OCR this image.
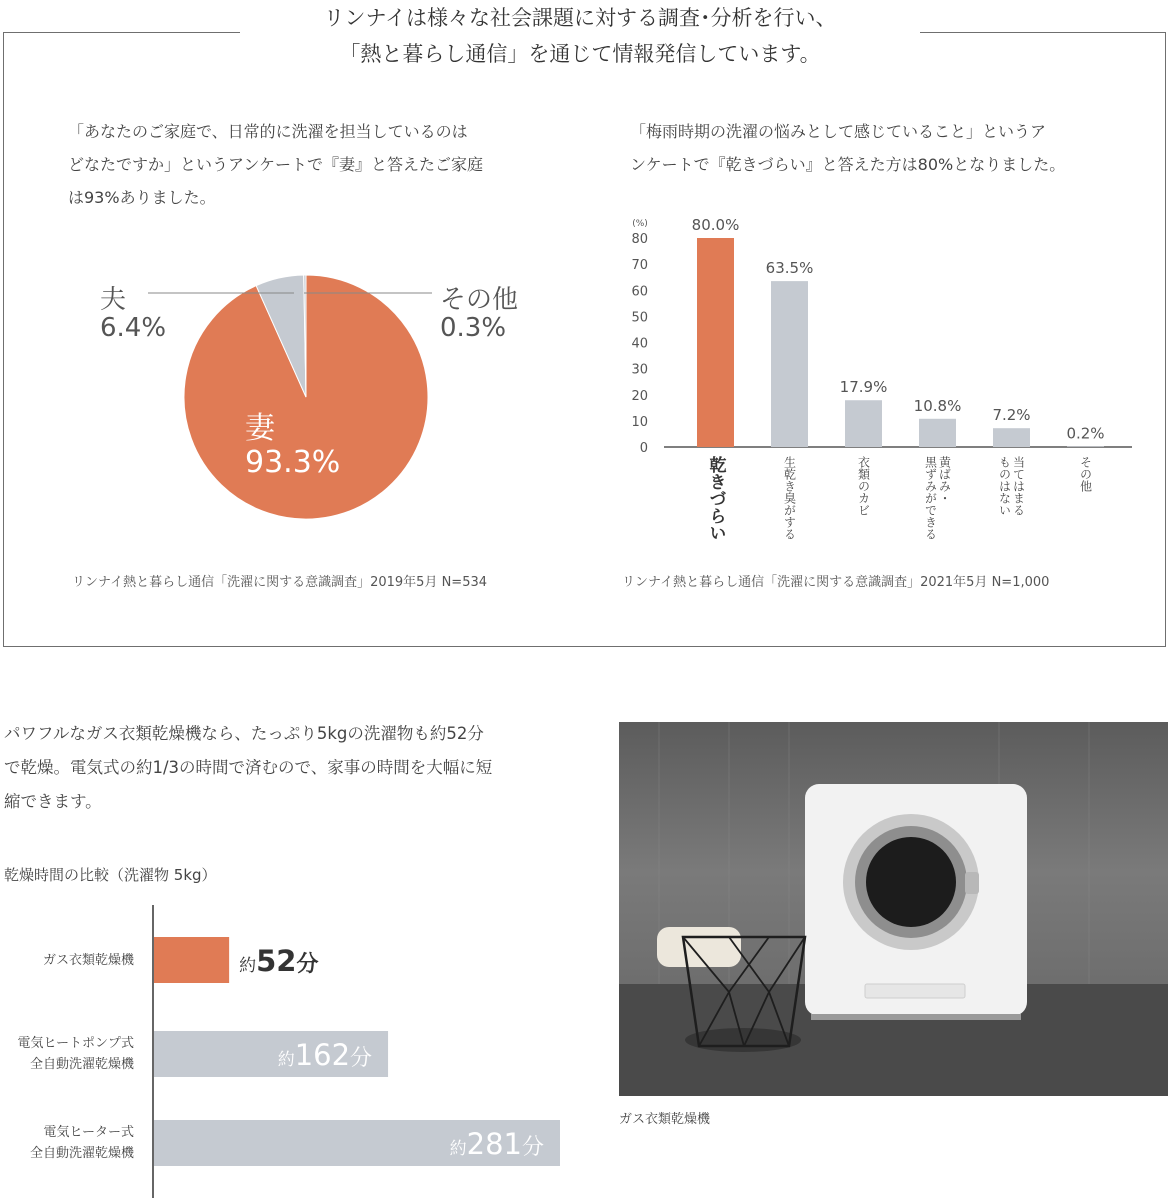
リンナイは様々な社会課題に対する調査･分析を行い、
「熱と暮らし通信」を通じて情報発信しています。
「あなたのご家庭で、日常的に洗濯を担当しているのは
どなたですか」というアンケートで『妻』と答えたご家庭
は93%ありました。
夫
6.4%
その他
0.3%
妻
93.3%
リンナイ熱と暮らし通信「洗濯に関する意識調査」2019年5月 N=534
「梅雨時期の洗濯の悩みとして感じていること」というア
ンケートで『乾きづらい』と答えた方は80%となりました。
(%)
0
10
20
30
40
50
60
70
80
80.0%
63.5%
17.9%
10.8%
7.2%
0.2%
乾きづらい	生乾き臭がする	衣類のカビ	黄ばみ・
黒ずみができる	当てはまる
ものはない	その他
リンナイ熱と暮らし通信「洗濯に関する意識調査」2021年5月 N=1,000
パワフルなガス衣類乾燥機なら、たっぷり5kgの洗濯物も約52分
で乾燥。電気式の約1/3の時間で済むので、家事の時間を大幅に短
縮できます。
乾燥時間の比較（洗濯物 5kg）
約52分
約162分
約281分
ガス衣類乾燥機
電気ヒートポンプ式
全自動洗濯乾燥機
電気ヒーター式
全自動洗濯乾燥機
ガス衣類乾燥機
